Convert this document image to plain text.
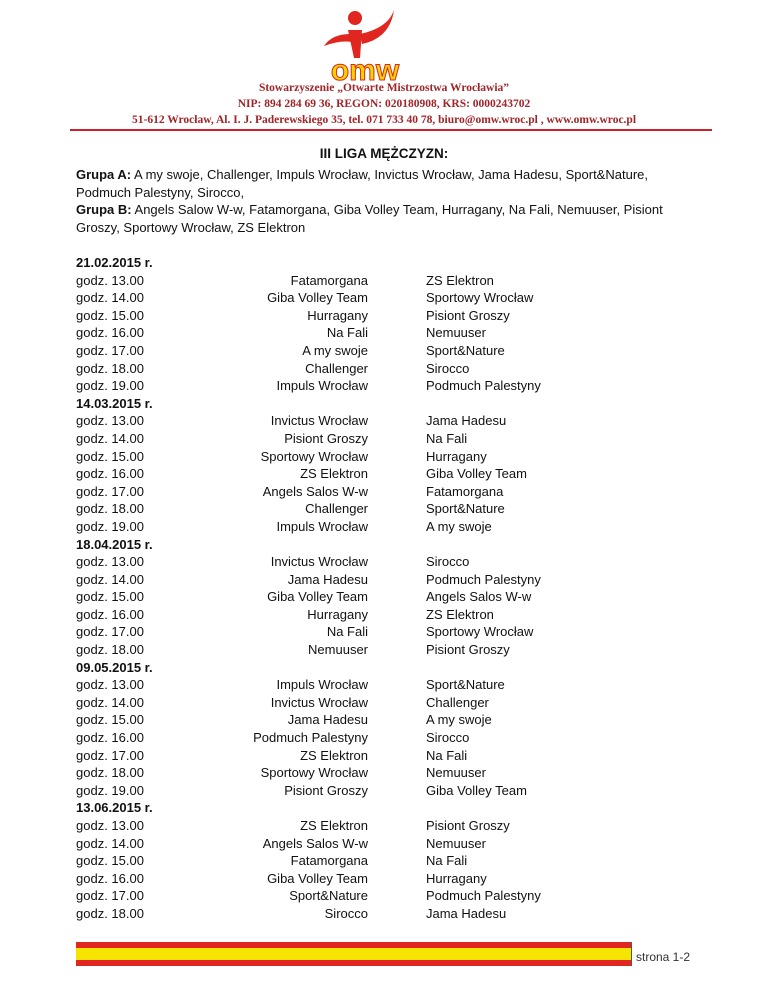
omw
Stowarzyszenie „Otwarte Mistrzostwa Wrocławia”
NIP: 894 284 69 36, REGON: 020180908, KRS: 0000243702
51-612 Wrocław, Al. I. J. Paderewskiego 35, tel. 071 733 40 78, biuro@omw.wroc.pl , www.omw.wroc.pl
III LIGA MĘŻCZYZN:
Grupa A: A my swoje, Challenger, Impuls Wrocław, Invictus Wrocław, Jama Hadesu, Sport&Nature, Podmuch Palestyny, Sirocco,
Grupa B: Angels Salow W-w, Fatamorgana, Giba Volley Team, Hurragany, Na Fali, Nemuuser, Pisiont Groszy, Sportowy Wrocław, ZS Elektron
21.02.2015 r.
godz. 13.00	Fatamorgana	ZS Elektron
godz. 14.00	Giba Volley Team	Sportowy Wrocław
godz. 15.00	Hurragany	Pisiont Groszy
godz. 16.00	Na Fali	Nemuuser
godz. 17.00	A my swoje	Sport&Nature
godz. 18.00	Challenger	Sirocco
godz. 19.00	Impuls Wrocław	Podmuch Palestyny
14.03.2015 r.
godz. 13.00	Invictus Wrocław	Jama Hadesu
godz. 14.00	Pisiont Groszy	Na Fali
godz. 15.00	Sportowy Wrocław	Hurragany
godz. 16.00	ZS Elektron	Giba Volley Team
godz. 17.00	Angels Salos W-w	Fatamorgana
godz. 18.00	Challenger	Sport&Nature
godz. 19.00	Impuls Wrocław	A my swoje
18.04.2015 r.
godz. 13.00	Invictus Wrocław	Sirocco
godz. 14.00	Jama Hadesu	Podmuch Palestyny
godz. 15.00	Giba Volley Team	Angels Salos W-w
godz. 16.00	Hurragany	ZS Elektron
godz. 17.00	Na Fali	Sportowy Wrocław
godz. 18.00	Nemuuser	Pisiont Groszy
09.05.2015 r.
godz. 13.00	Impuls Wrocław	Sport&Nature
godz. 14.00	Invictus Wrocław	Challenger
godz. 15.00	Jama Hadesu	A my swoje
godz. 16.00	Podmuch Palestyny	Sirocco
godz. 17.00	ZS Elektron	Na Fali
godz. 18.00	Sportowy Wrocław	Nemuuser
godz. 19.00	Pisiont Groszy	Giba Volley Team
13.06.2015 r.
godz. 13.00	ZS Elektron	Pisiont Groszy
godz. 14.00	Angels Salos W-w	Nemuuser
godz. 15.00	Fatamorgana	Na Fali
godz. 16.00	Giba Volley Team	Hurragany
godz. 17.00	Sport&Nature	Podmuch Palestyny
godz. 18.00	Sirocco	Jama Hadesu
strona 1-2
